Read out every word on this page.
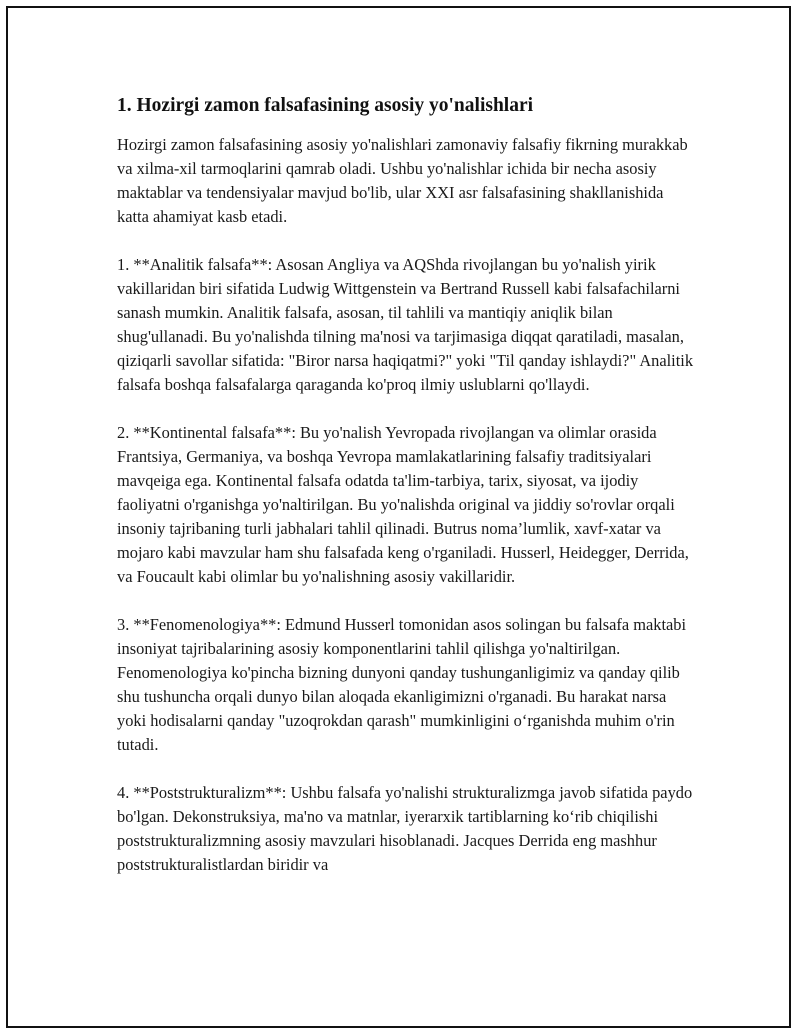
1. Hozirgi zamon falsafasining asosiy yo'nalishlari

Hozirgi zamon falsafasining asosiy yo'nalishlari zamonaviy falsafiy fikrning murakkab va xilma-xil tarmoqlarini qamrab oladi. Ushbu yo'nalishlar ichida bir necha asosiy maktablar va tendensiyalar mavjud bo'lib, ular XXI asr falsafasining shakllanishida katta ahamiyat kasb etadi.

1. **Analitik falsafa**: Asosan Angliya va AQShda rivojlangan bu yo'nalish yirik vakillaridan biri sifatida Ludwig Wittgenstein va Bertrand Russell kabi falsafachilarni sanash mumkin. Analitik falsafa, asosan, til tahlili va mantiqiy aniqlik bilan shug'ullanadi. Bu yo'nalishda tilning ma'nosi va tarjimasiga diqqat qaratiladi, masalan, qiziqarli savollar sifatida: "Biror narsa haqiqatmi?" yoki "Til qanday ishlaydi?" Analitik falsafa boshqa falsafalarga qaraganda ko'proq ilmiy uslublarni qo'llaydi.

2. **Kontinental falsafa**: Bu yo'nalish Yevropada rivojlangan va olimlar orasida Frantsiya, Germaniya, va boshqa Yevropa mamlakatlarining falsafiy traditsiyalari mavqeiga ega. Kontinental falsafa odatda ta'lim-tarbiya, tarix, siyosat, va ijodiy faoliyatni o'rganishga yo'naltirilgan. Bu yo'nalishda original va jiddiy so'rovlar orqali insoniy tajribaning turli jabhalari tahlil qilinadi. Butrus noma’lumlik, xavf-xatar va mojaro kabi mavzular ham shu falsafada keng o'rganiladi. Husserl, Heidegger, Derrida, va Foucault kabi olimlar bu yo'nalishning asosiy vakillaridir.

3. **Fenomenologiya**: Edmund Husserl tomonidan asos solingan bu falsafa maktabi insoniyat tajribalarining asosiy komponentlarini tahlil qilishga yo'naltirilgan. Fenomenologiya ko'pincha bizning dunyoni qanday tushunganligimiz va qanday qilib shu tushuncha orqali dunyo bilan aloqada ekanligimizni o'rganadi. Bu harakat narsa yoki hodisalarni qanday "uzoqrokdan qarash" mumkinligini o‘rganishda muhim o'rin tutadi.

4. **Poststrukturalizm**: Ushbu falsafa yo'nalishi strukturalizmga javob sifatida paydo bo'lgan. Dekonstruksiya, ma'no va matnlar, iyerarxik tartiblarning ko‘rib chiqilishi poststrukturalizmning asosiy mavzulari hisoblanadi. Jacques Derrida eng mashhur poststrukturalistlardan biridir va
